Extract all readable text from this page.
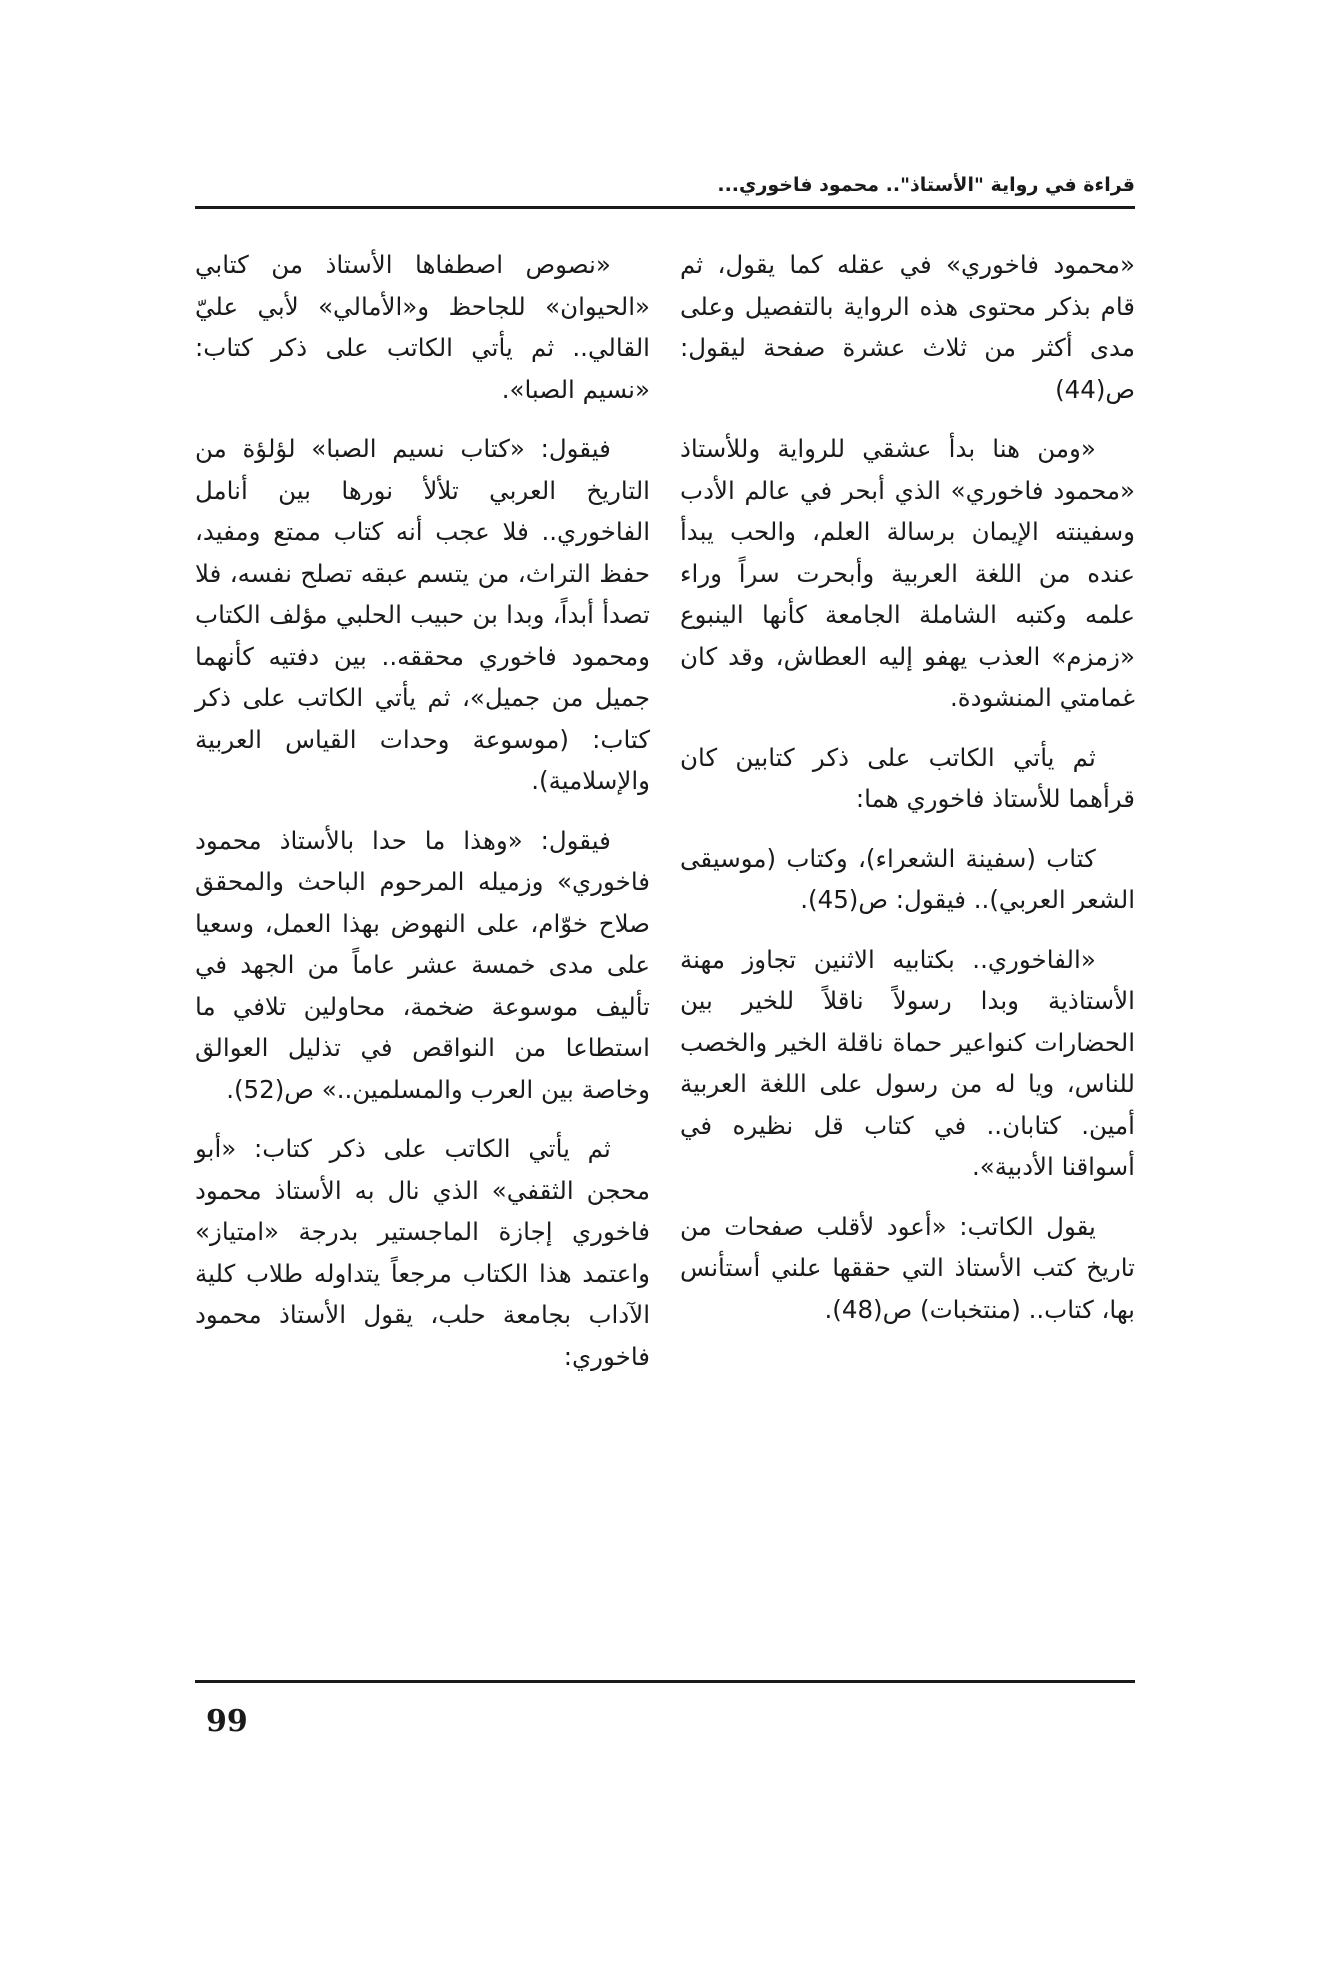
قراءة في رواية "الأستاذ".. محمود فاخوري...

«محمود فاخوري» في عقله كما يقول، ثم قام بذكر محتوى هذه الرواية بالتفصيل وعلى مدى أكثر من ثلاث عشرة صفحة ليقول: ص(44)

«ومن هنا بدأ عشقي للرواية وللأستاذ «محمود فاخوري» الذي أبحر في عالم الأدب وسفينته الإيمان برسالة العلم، والحب يبدأ عنده من اللغة العربية وأبحرت سراً وراء علمه وكتبه الشاملة الجامعة كأنها الينبوع «زمزم» العذب يهفو إليه العطاش، وقد كان غمامتي المنشودة.

ثم يأتي الكاتب على ذكر كتابين كان قرأهما للأستاذ فاخوري هما:

كتاب (سفينة الشعراء)، وكتاب (موسيقى الشعر العربي).. فيقول: ص(45).

«الفاخوري.. بكتابيه الاثنين تجاوز مهنة الأستاذية وبدا رسولاً ناقلاً للخير بين الحضارات كنواعير حماة ناقلة الخير والخصب للناس، ويا له من رسول على اللغة العربية أمين. كتابان.. في كتاب قل نظيره في أسواقنا الأدبية».

يقول الكاتب: «أعود لأقلب صفحات من تاريخ كتب الأستاذ التي حققها علني أستأنس بها، كتاب.. (منتخبات) ص(48).

«نصوص اصطفاها الأستاذ من كتابي «الحيوان» للجاحظ و«الأمالي» لأبي عليّ القالي.. ثم يأتي الكاتب على ذكر كتاب: «نسيم الصبا».

فيقول: «كتاب نسيم الصبا» لؤلؤة من التاريخ العربي تلألأ نورها بين أنامل الفاخوري.. فلا عجب أنه كتاب ممتع ومفيد، حفظ التراث، من يتسم عبقه تصلح نفسه، فلا تصدأ أبداً، وبدا بن حبيب الحلبي مؤلف الكتاب ومحمود فاخوري محققه.. بين دفتيه كأنهما جميل من جميل»، ثم يأتي الكاتب على ذكر كتاب: (موسوعة وحدات القياس العربية والإسلامية).

فيقول: «وهذا ما حدا بالأستاذ محمود فاخوري» وزميله المرحوم الباحث والمحقق صلاح خوّام، على النهوض بهذا العمل، وسعيا على مدى خمسة عشر عاماً من الجهد في تأليف موسوعة ضخمة، محاولين تلافي ما استطاعا من النواقص في تذليل العوالق وخاصة بين العرب والمسلمين..» ص(52).

ثم يأتي الكاتب على ذكر كتاب: «أبو محجن الثقفي» الذي نال به الأستاذ محمود فاخوري إجازة الماجستير بدرجة «امتياز» واعتمد هذا الكتاب مرجعاً يتداوله طلاب كلية الآداب بجامعة حلب، يقول الأستاذ محمود فاخوري:

99
